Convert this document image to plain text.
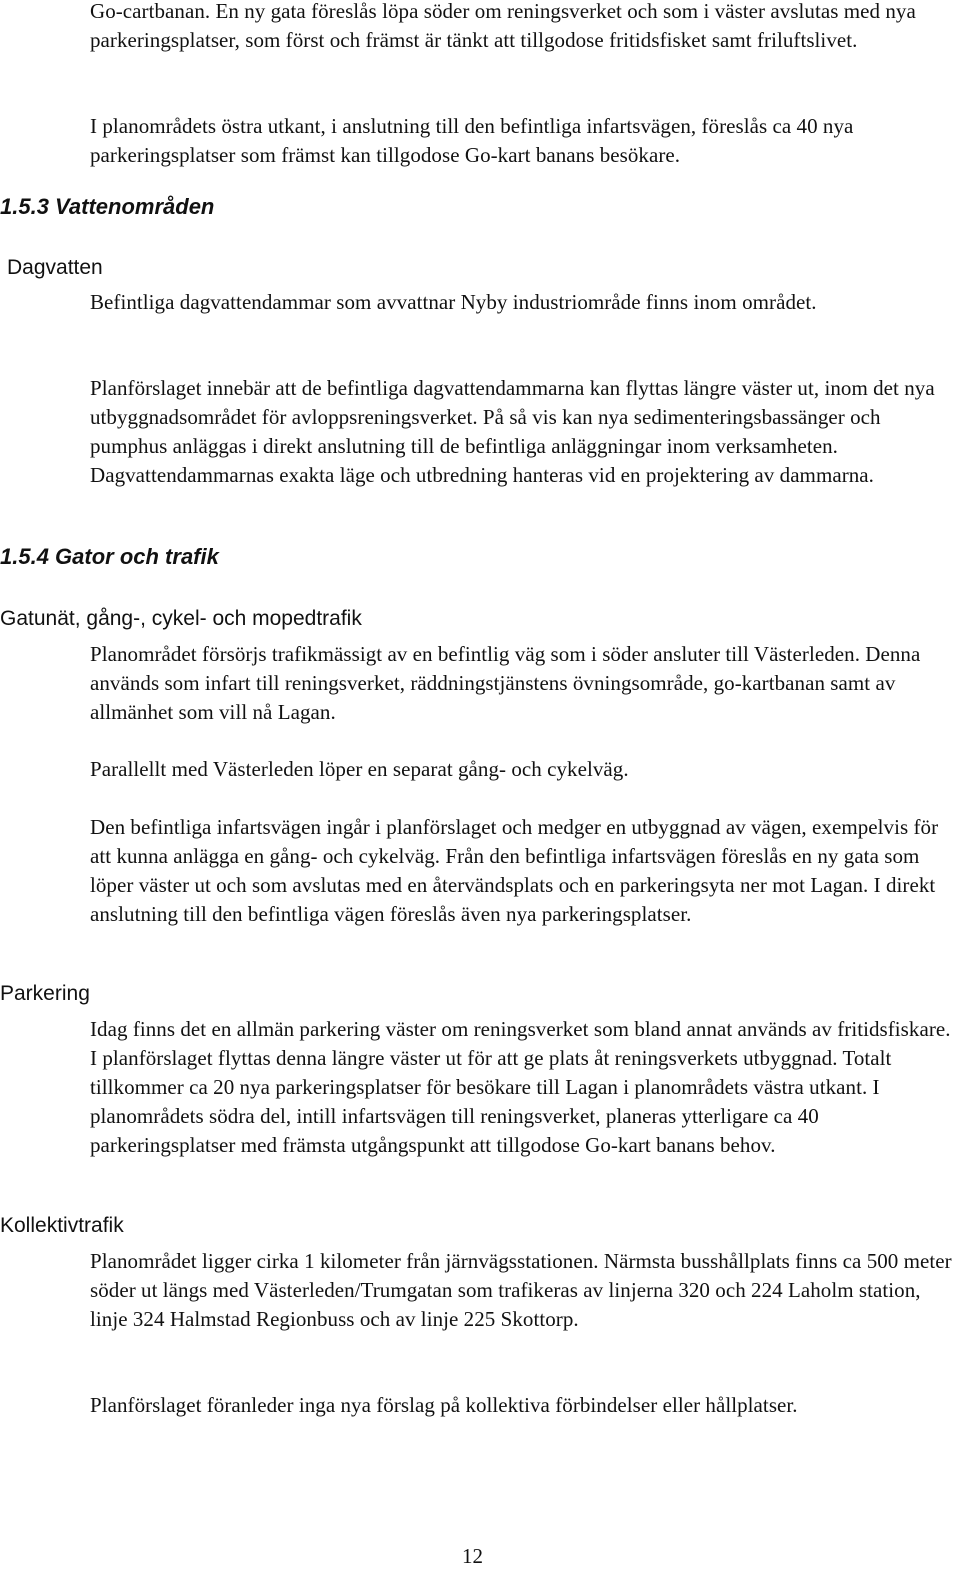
Go-cartbanan. En ny gata föreslås löpa söder om reningsverket och som i väster avslutas med nya parkeringsplatser, som först och främst är tänkt att tillgodose fritidsfisket samt friluftslivet.

I planområdets östra utkant, i anslutning till den befintliga infartsvägen, föreslås ca 40 nya parkeringsplatser som främst kan tillgodose Go-kart banans besökare.

1.5.3 Vattenområden
Dagvatten

Befintliga dagvattendammar som avvattnar Nyby industriområde finns inom området.

Planförslaget innebär att de befintliga dagvattendammarna kan flyttas längre väster ut, inom det nya utbyggnadsområdet för avloppsreningsverket. På så vis kan nya sedimenteringsbassänger och pumphus anläggas i direkt anslutning till de befintliga anläggningar inom verksamheten. Dagvattendammarnas exakta läge och utbredning hanteras vid en projektering av dammarna.

1.5.4 Gator och trafik
Gatunät, gång-, cykel- och mopedtrafik

Planområdet försörjs trafikmässigt av en befintlig väg som i söder ansluter till Västerleden. Denna används som infart till reningsverket, räddningstjänstens övningsområde, go-kartbanan samt av allmänhet som vill nå Lagan.

Parallellt med Västerleden löper en separat gång- och cykelväg.

Den befintliga infartsvägen ingår i planförslaget och medger en utbyggnad av vägen, exempelvis för att kunna anlägga en gång- och cykelväg. Från den befintliga infartsvägen föreslås en ny gata som löper väster ut och som avslutas med en återvändsplats och en parkeringsyta ner mot Lagan. I direkt anslutning till den befintliga vägen föreslås även nya parkeringsplatser.

Parkering

Idag finns det en allmän parkering väster om reningsverket som bland annat används av fritidsfiskare. I planförslaget flyttas denna längre väster ut för att ge plats åt reningsverkets utbyggnad. Totalt tillkommer ca 20 nya parkeringsplatser för besökare till Lagan i planområdets västra utkant. I planområdets södra del, intill infartsvägen till reningsverket, planeras ytterligare ca 40 parkeringsplatser med främsta utgångspunkt att tillgodose Go-kart banans behov.

Kollektivtrafik

Planområdet ligger cirka 1 kilometer från järnvägsstationen. Närmsta busshållplats finns ca 500 meter söder ut längs med Västerleden/Trumgatan som trafikeras av linjerna 320 och 224 Laholm station, linje 324 Halmstad Regionbuss och av linje 225 Skottorp.

Planförslaget föranleder inga nya förslag på kollektiva förbindelser eller hållplatser.

12
